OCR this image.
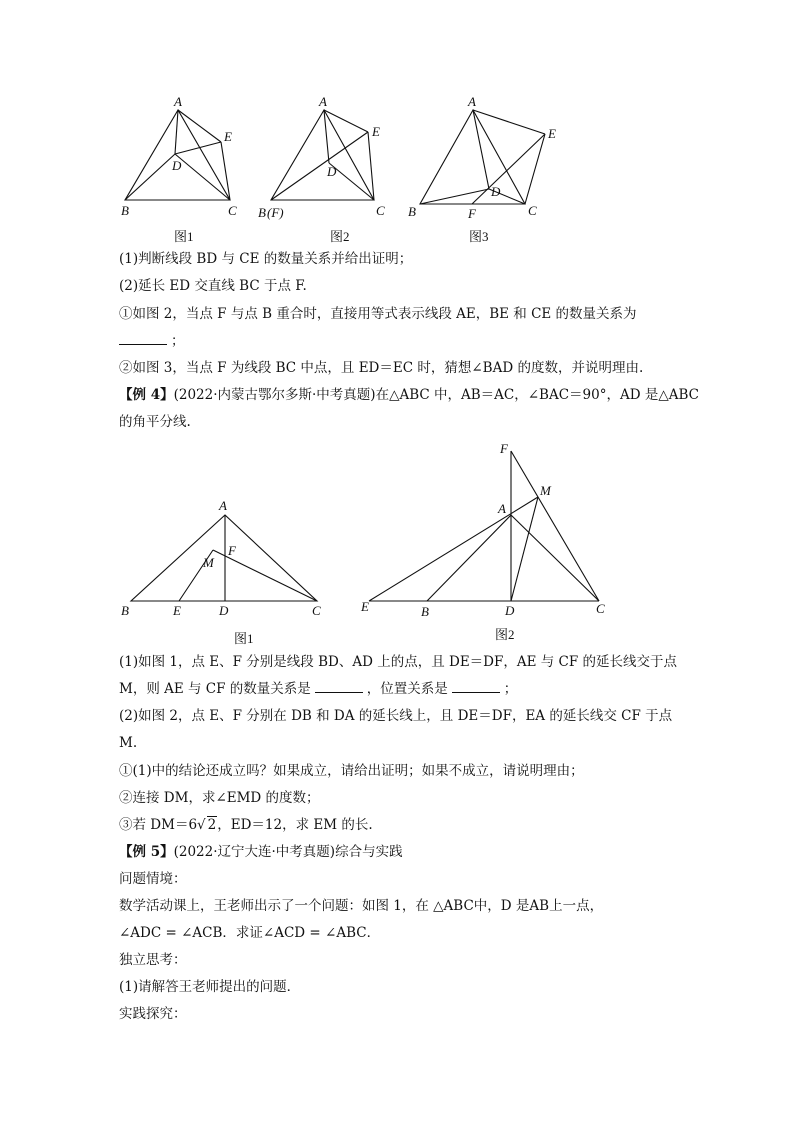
A
B	C
D
E
图1
A
B (F)	C
D
E
图2
A
B	C
D
E
F
图3
(1)判断线段 BD 与 CE 的数量关系并给出证明；
(2)延长 ED 交直线 BC 于点 F.
①如图 2，当点 F 与点 B 重合时，直接用等式表示线段 AE，BE 和 CE 的数量关系为
；
②如图 3，当点 F 为线段 BC 中点，且 ED＝EC 时，猜想∠BAD 的度数，并说明理由.
【例 4】(2022·内蒙古鄂尔多斯·中考真题)在△ABC 中，AB＝AC，∠BAC＝90°，AD 是△ABC
的角平分线.
A
B	C
D
E
F
M
图1
F
M
A
E	B	D	C
图2
(1)如图 1，点 E、F 分别是线段 BD、AD 上的点，且 DE＝DF，AE 与 CF 的延长线交于点
M，则 AE 与 CF 的数量关系是	，位置关系是	；
(2)如图 2，点 E、F 分别在 DB 和 DA 的延长线上，且 DE＝DF，EA 的延长线交 CF 于点
M.
①(1)中的结论还成立吗？如果成立，请给出证明；如果不成立，请说明理由；
②连接 DM，求∠EMD 的度数；
③若 DM＝6√ 2，ED＝12，求 EM 的长.
【例 5】(2022·辽宁大连·中考真题)综合与实践
问题情境：
数学活动课上，王老师出示了一个问题：如图 1，在 △ABC中，D 是AB上一点，
∠ADC = ∠ACB．求证∠ACD = ∠ABC．
独立思考：
(1)请解答王老师提出的问题．
实践探究：
